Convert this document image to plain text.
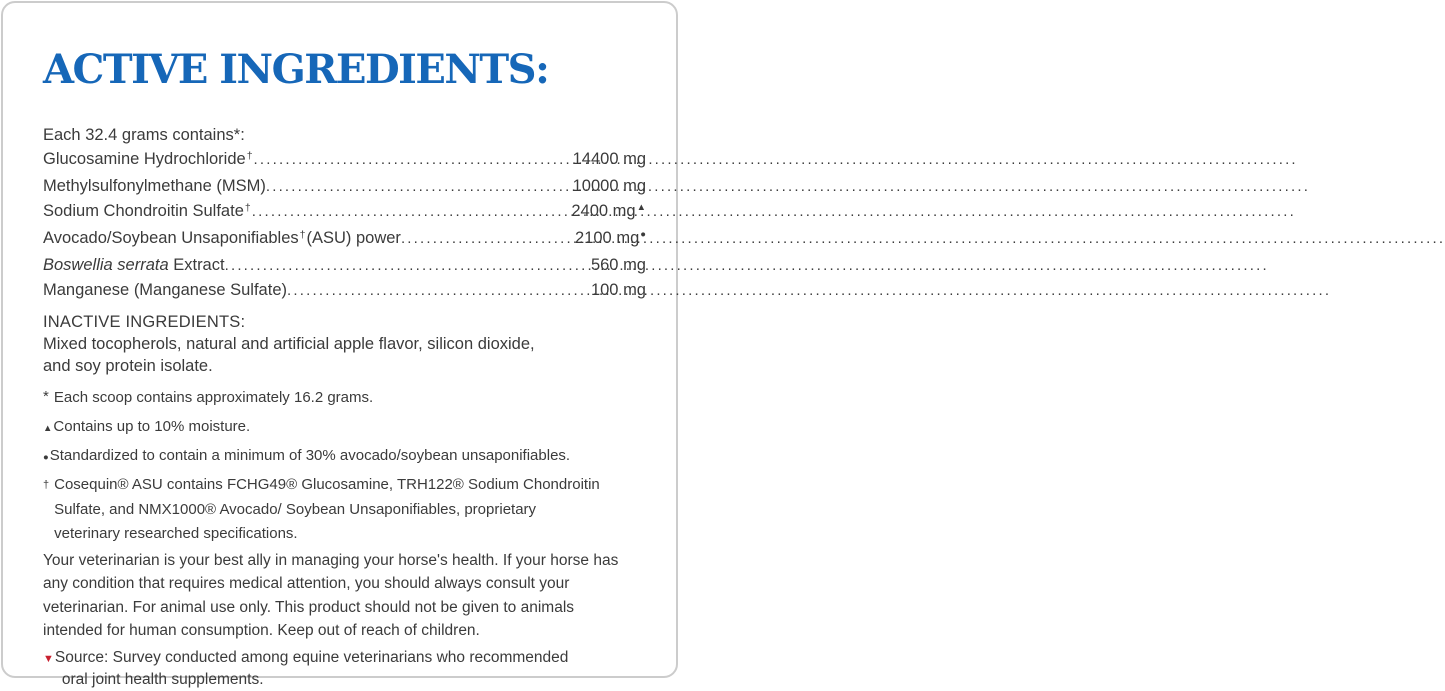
ACTIVE INGREDIENTS:
Each 32.4 grams contains*:
Glucosamine Hydrochloride† .....	14400 mg
Methylsulfonylmethane (MSM) .....	10000 mg
Sodium Chondroitin Sulfate† .....	2400 mg▲
Avocado/Soybean Unsaponifiables†(ASU) power .....	2100 mg●
Boswellia serrata Extract .....	560 mg
Manganese (Manganese Sulfate) .....	100 mg
INACTIVE INGREDIENTS:
Mixed tocopherols, natural and artificial apple flavor, silicon dioxide,
and soy protein isolate.
* Each scoop contains approximately 16.2 grams.
▲ Contains up to 10% moisture.
● Standardized to contain a minimum of 30% avocado/soybean unsaponifiables.
† Cosequin® ASU contains FCHG49® Glucosamine, TRH122® Sodium Chondroitin
Sulfate, and NMX1000® Avocado/ Soybean Unsaponifiables, proprietary
veterinary researched specifications.
Your veterinarian is your best ally in managing your horse's health. If your horse has
any condition that requires medical attention, you should always consult your
veterinarian. For animal use only. This product should not be given to animals
intended for human consumption. Keep out of reach of children.
▼ Source: Survey conducted among equine veterinarians who recommended
oral joint health supplements.
